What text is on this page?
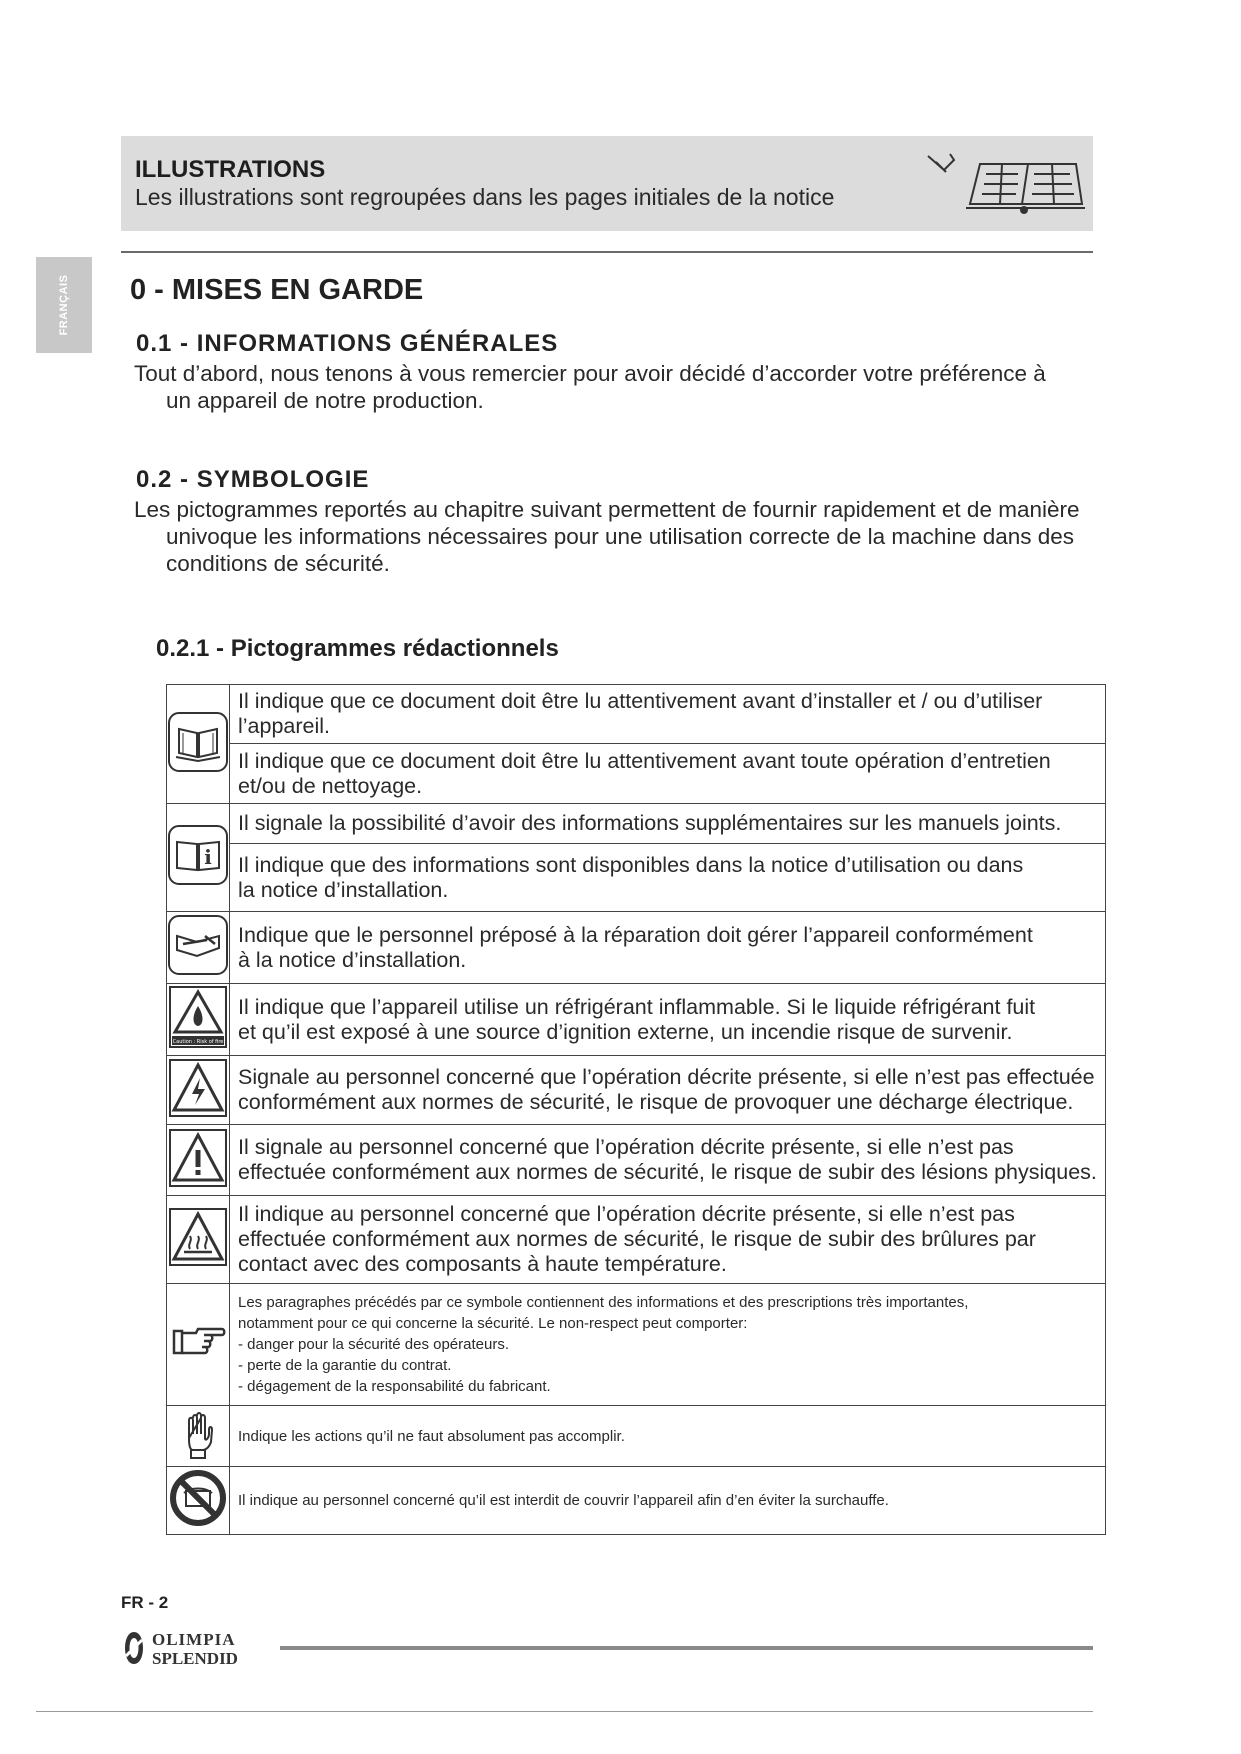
ILLUSTRATIONS
Les illustrations sont regroupées dans les pages initiales de la notice
FRANÇAIS 0 - MISES EN GARDE
0.1 - INFORMATIONS GÉNÉRALES
Tout d’abord, nous tenons à vous remercier pour avoir décidé d’accorder votre préférence à
un appareil de notre production.
0.2 - SYMBOLOGIE
Les pictogrammes reportés au chapitre suivant permettent de fournir rapidement et de manière
univoque les informations nécessaires pour une utilisation correcte de la machine dans des
conditions de sécurité.
0.2.1 - Pictogrammes rédactionnels

Il indique que ce document doit être lu attentivement avant d’installer et / ou d’utiliser
l’appareil.

	Il indique que ce document doit être lu attentivement avant toute opération d’entretien
et/ou de nettoyage.

i	Il signale la possibilité d’avoir des informations supplémentaires sur les manuels joints.

	Il indique que des informations sont disponibles dans la notice d’utilisation ou dans
la notice d’installation.

Indique que le personnel préposé à la réparation doit gérer l’appareil conformément
à la notice d’installation.

Caution : Risk of fire	Il indique que l’appareil utilise un réfrigérant inflammable. Si le liquide réfrigérant fuit
et qu’il est exposé à une source d’ignition externe, un incendie risque de survenir.

Signale au personnel concerné que l’opération décrite présente, si elle n’est pas effectuée
conformément aux normes de sécurité, le risque de provoquer une décharge électrique.

Il signale au personnel concerné que l’opération décrite présente, si elle n’est pas
effectuée conformément aux normes de sécurité, le risque de subir des lésions physiques.

Il indique au personnel concerné que l’opération décrite présente, si elle n’est pas
effectuée conformément aux normes de sécurité, le risque de subir des brûlures par
contact avec des composants à haute température.

Les paragraphes précédés par ce symbole contiennent des informations et des prescriptions très importantes,
notamment pour ce qui concerne la sécurité. Le non-respect peut comporter:
- danger pour la sécurité des opérateurs.
- perte de la garantie du contrat.
- dégagement de la responsabilité du fabricant.

Indique les actions qu’il ne faut absolument pas accomplir.

Il indique au personnel concerné qu’il est interdit de couvrir l’appareil afin d’en éviter la surchauffe.
FR - 2
OLIMPIA
SPLENDID
